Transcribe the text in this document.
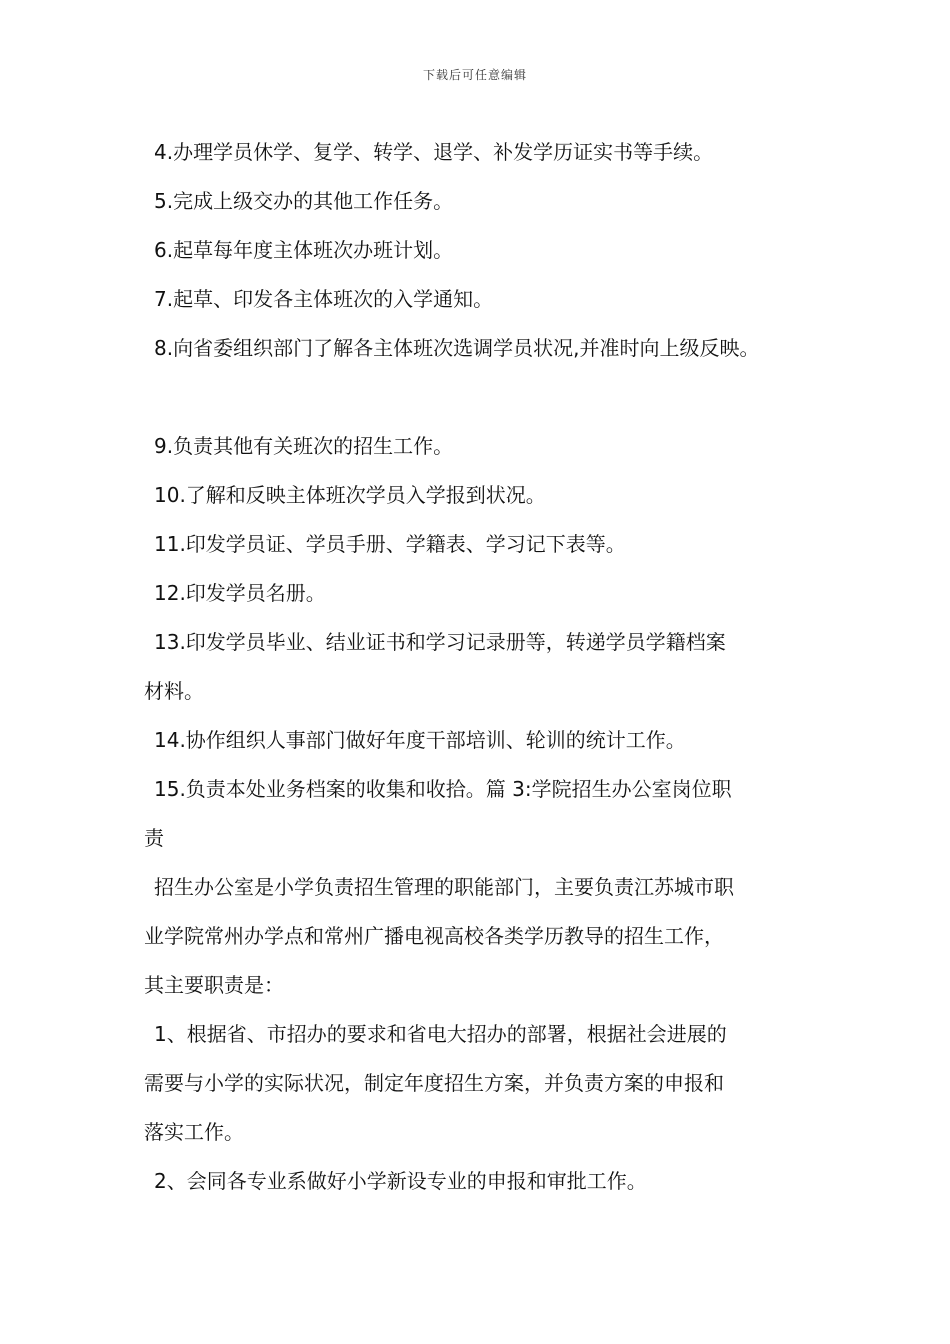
下载后可任意编辑
4.办理学员休学、复学、转学、退学、补发学历证实书等手续。
5.完成上级交办的其他工作任务。
6.起草每年度主体班次办班计划。
7.起草、印发各主体班次的入学通知。
8.向省委组织部门了解各主体班次选调学员状况,并准时向上级反映。
9.负责其他有关班次的招生工作。
10.了解和反映主体班次学员入学报到状况。
11.印发学员证、学员手册、学籍表、学习记下表等。
12.印发学员名册。
13.印发学员毕业、结业证书和学习记录册等，转递学员学籍档案
材料。
14.协作组织人事部门做好年度干部培训、轮训的统计工作。
15.负责本处业务档案的收集和收拾。篇 3:学院招生办公室岗位职
责
招生办公室是小学负责招生管理的职能部门，主要负责江苏城市职
业学院常州办学点和常州广播电视高校各类学历教导的招生工作，
其主要职责是：
1、根据省、市招办的要求和省电大招办的部署，根据社会进展的
需要与小学的实际状况，制定年度招生方案，并负责方案的申报和
落实工作。
2、会同各专业系做好小学新设专业的申报和审批工作。
